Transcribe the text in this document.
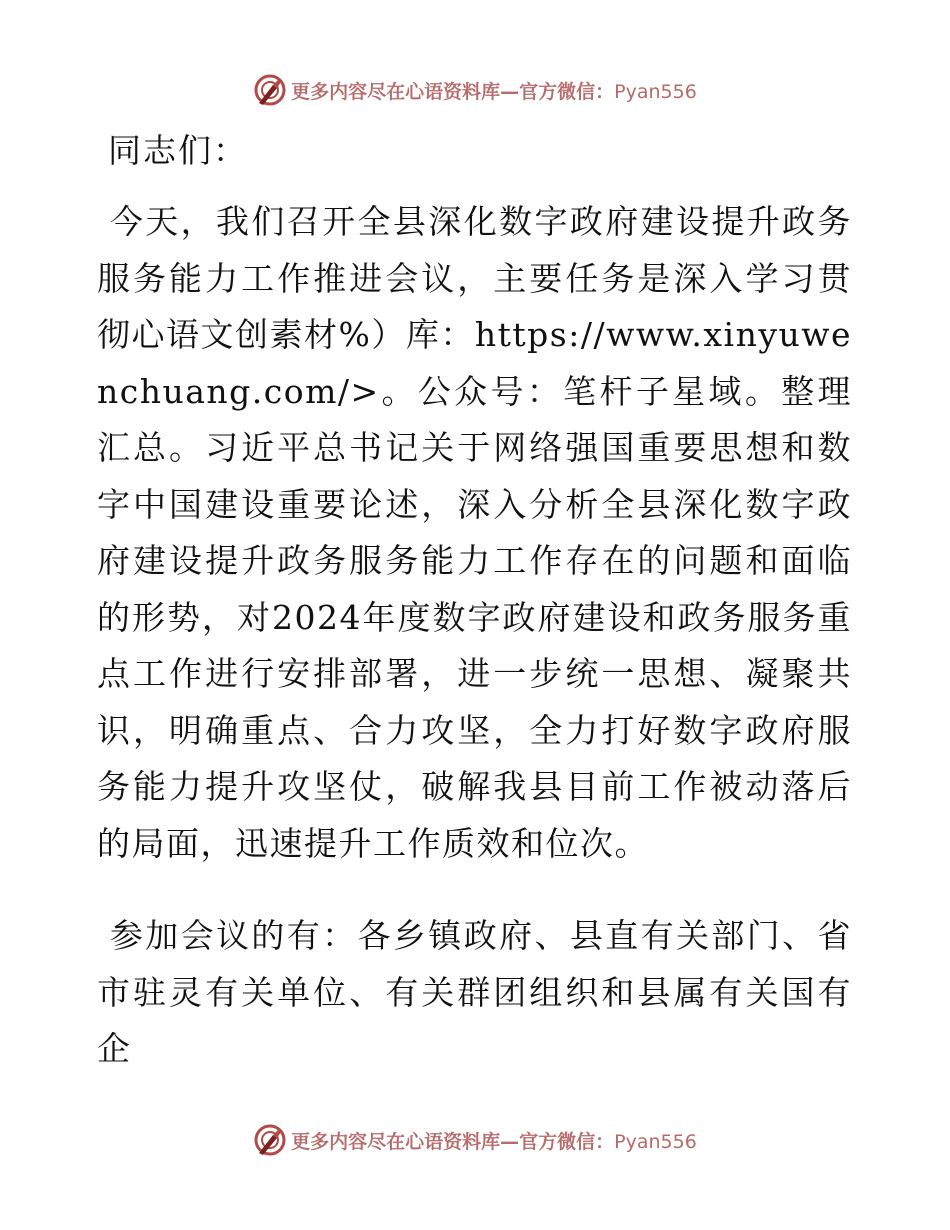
更多内容尽在心语资料库—官方微信：Pyan556
同志们：

今天，我们召开全县深化数字政府建设提升政务服务能力工作推进会议，主要任务是深入学习贯彻心语文创素材%）库：https://www.xinyuwenchuang.com/>。公众号：笔杆子星域。整理汇总。习近平总书记关于网络强国重要思想和数字中国建设重要论述，深入分析全县深化数字政府建设提升政务服务能力工作存在的问题和面临的形势，对2024年度数字政府建设和政务服务重点工作进行安排部署，进一步统一思想、凝聚共识，明确重点、合力攻坚，全力打好数字政府服务能力提升攻坚仗，破解我县目前工作被动落后的局面，迅速提升工作质效和位次。

参加会议的有：各乡镇政府、县直有关部门、省市驻灵有关单位、有关群团组织和县属有关国有企

更多内容尽在心语资料库—官方微信：Pyan556
